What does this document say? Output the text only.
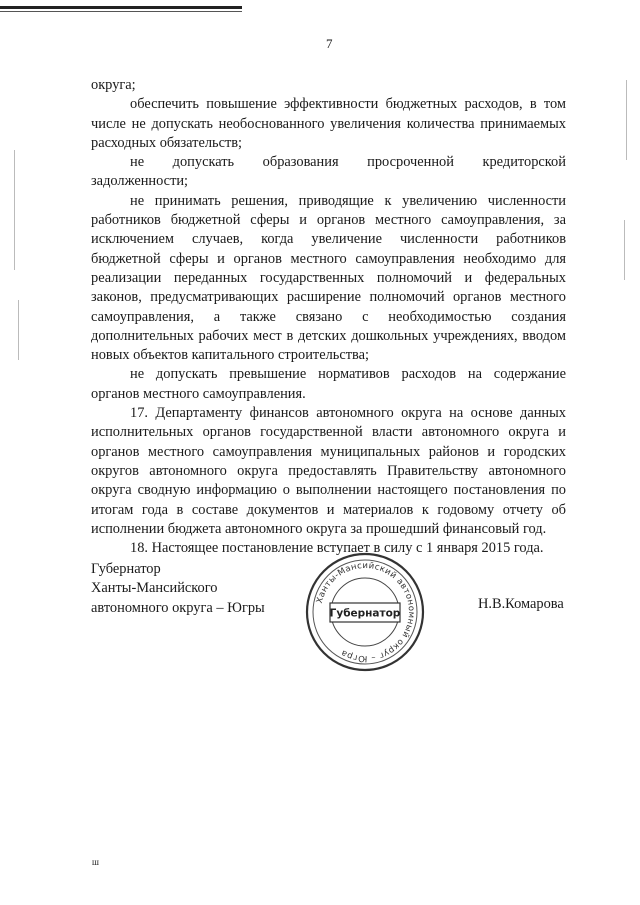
7

округа;

обеспечить повышение эффективности бюджетных расходов, в том числе не допускать необоснованного увеличения количества принимаемых расходных обязательств;

не допускать образования просроченной кредиторской

задолженности;

не принимать решения, приводящие к увеличению численности работников бюджетной сферы и органов местного самоуправления, за исключением случаев, когда увеличение численности работников бюджетной сферы и органов местного самоуправления необходимо для реализации переданных государственных полномочий и федеральных законов, предусматривающих расширение полномочий органов местного самоуправления, а также связано с необходимостью создания дополнительных рабочих мест в детских дошкольных учреждениях, вводом новых объектов капитального строительства;

не допускать превышение нормативов расходов на содержание органов местного самоуправления.

17. Департаменту финансов автономного округа на основе данных исполнительных органов государственной власти автономного округа и органов местного самоуправления муниципальных районов и городских округов автономного округа предоставлять Правительству автономного округа сводную информацию о выполнении настоящего постановления по итогам года в составе документов и материалов к годовому отчету об исполнении бюджета автономного округа за прошедший финансовый год.

18. Настоящее постановление вступает в силу с 1 января 2015 года.

Губернатор
Ханты-Мансийского
автономного округа – Югры	Ханты-Мансийский автономный округ – Югра
Губернатор
Н.В.Комарова
ш
